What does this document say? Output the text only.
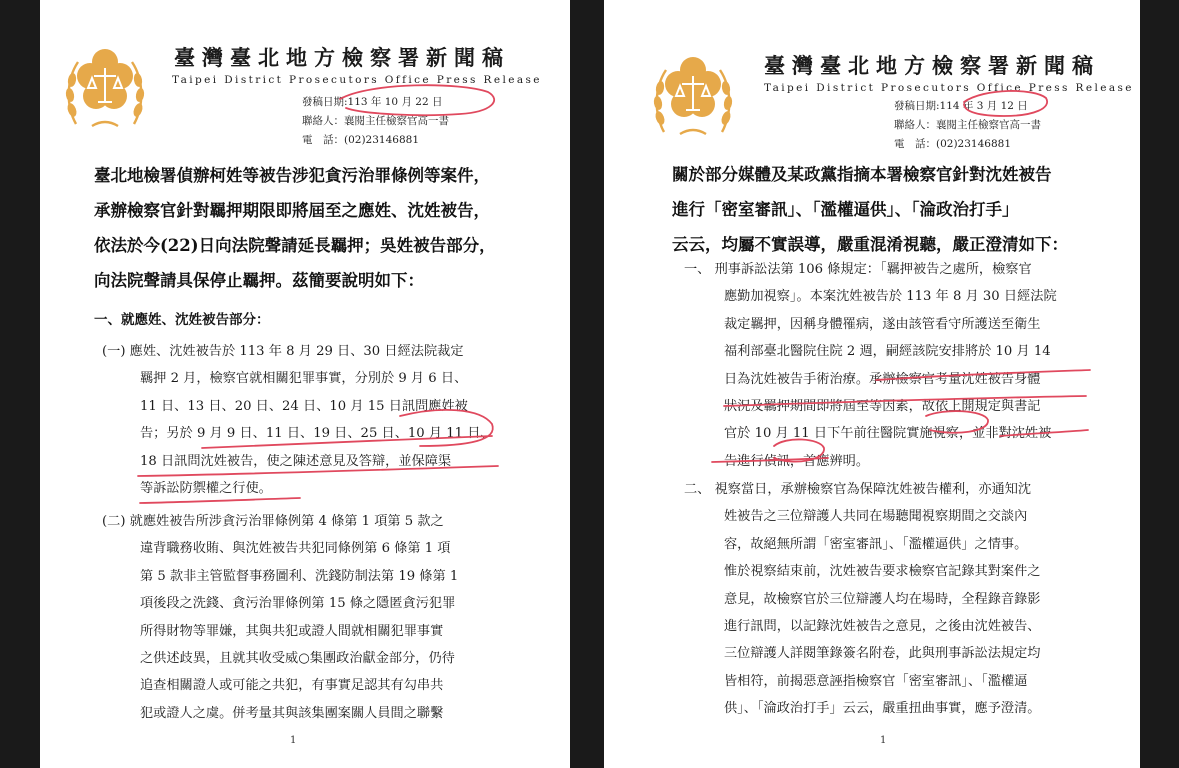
臺灣臺北地方檢察署新聞稿
Taipei District Prosecutors Office Press Release
發稿日期:113 年 10 月 22 日
聯絡人：襄閱主任檢察官高一書
電　話：(02)23146881
臺北地檢署偵辦柯姓等被告涉犯貪污治罪條例等案件，
承辦檢察官針對羈押期限即將屆至之應姓、沈姓被告，
依法於今(22)日向法院聲請延長羈押；吳姓被告部分，
向法院聲請具保停止羈押。茲簡要說明如下：
一、就應姓、沈姓被告部分：
(一) 應姓、沈姓被告於 113 年 8 月 29 日、30 日經法院裁定
羈押 2 月，檢察官就相關犯罪事實，分別於 9 月 6 日、
11 日、13 日、20 日、24 日、10 月 15 日訊問應姓被
告；另於 9 月 9 日、11 日、19 日、25 日、10 月 11 日、
18 日訊問沈姓被告，使之陳述意見及答辯，並保障渠
等訴訟防禦權之行使。
(二) 就應姓被告所涉貪污治罪條例第 4 條第 1 項第 5 款之
違背職務收賄、與沈姓被告共犯同條例第 6 條第 1 項
第 5 款非主管監督事務圖利、洗錢防制法第 19 條第 1
項後段之洗錢、貪污治罪條例第 15 條之隱匿貪污犯罪
所得財物等罪嫌，其與共犯或證人間就相關犯罪事實
之供述歧異，且就其收受威○集團政治獻金部分，仍待
追查相關證人或可能之共犯，有事實足認其有勾串共
犯或證人之虞。併考量其與該集團案關人員間之聯繫
1
臺灣臺北地方檢察署新聞稿
Taipei District Prosecutors Office Press Release
發稿日期:114 年 3 月 12 日
聯絡人：襄閱主任檢察官高一書
電　話：(02)23146881
關於部分媒體及某政黨指摘本署檢察官針對沈姓被告
進行「密室審訊」、「濫權逼供」、「淪政治打手」
云云，均屬不實誤導，嚴重混淆視聽，嚴正澄清如下：
一、 刑事訴訟法第 106 條規定：「羈押被告之處所，檢察官
應勤加視察」。本案沈姓被告於 113 年 8 月 30 日經法院
裁定羈押，因稱身體罹病，遂由該管看守所護送至衛生
福利部臺北醫院住院 2 週，嗣經該院安排將於 10 月 14
日為沈姓被告手術治療。承辦檢察官考量沈姓被告身體
狀況及羈押期間即將屆至等因素，故依上開規定與書記
官於 10 月 11 日下午前往醫院實施視察，並非對沈姓被
告進行偵訊，首應辨明。
二、 視察當日，承辦檢察官為保障沈姓被告權利，亦通知沈
姓被告之三位辯護人共同在場聽聞視察期間之交談內
容，故絕無所謂「密室審訊」、「濫權逼供」之情事。
惟於視察結束前，沈姓被告要求檢察官記錄其對案件之
意見，故檢察官於三位辯護人均在場時，全程錄音錄影
進行訊問，以記錄沈姓被告之意見，之後由沈姓被告、
三位辯護人詳閱筆錄簽名附卷，此與刑事訴訟法規定均
皆相符，前揭惡意誣指檢察官「密室審訊」、「濫權逼
供」、「淪政治打手」云云，嚴重扭曲事實，應予澄清。
1
